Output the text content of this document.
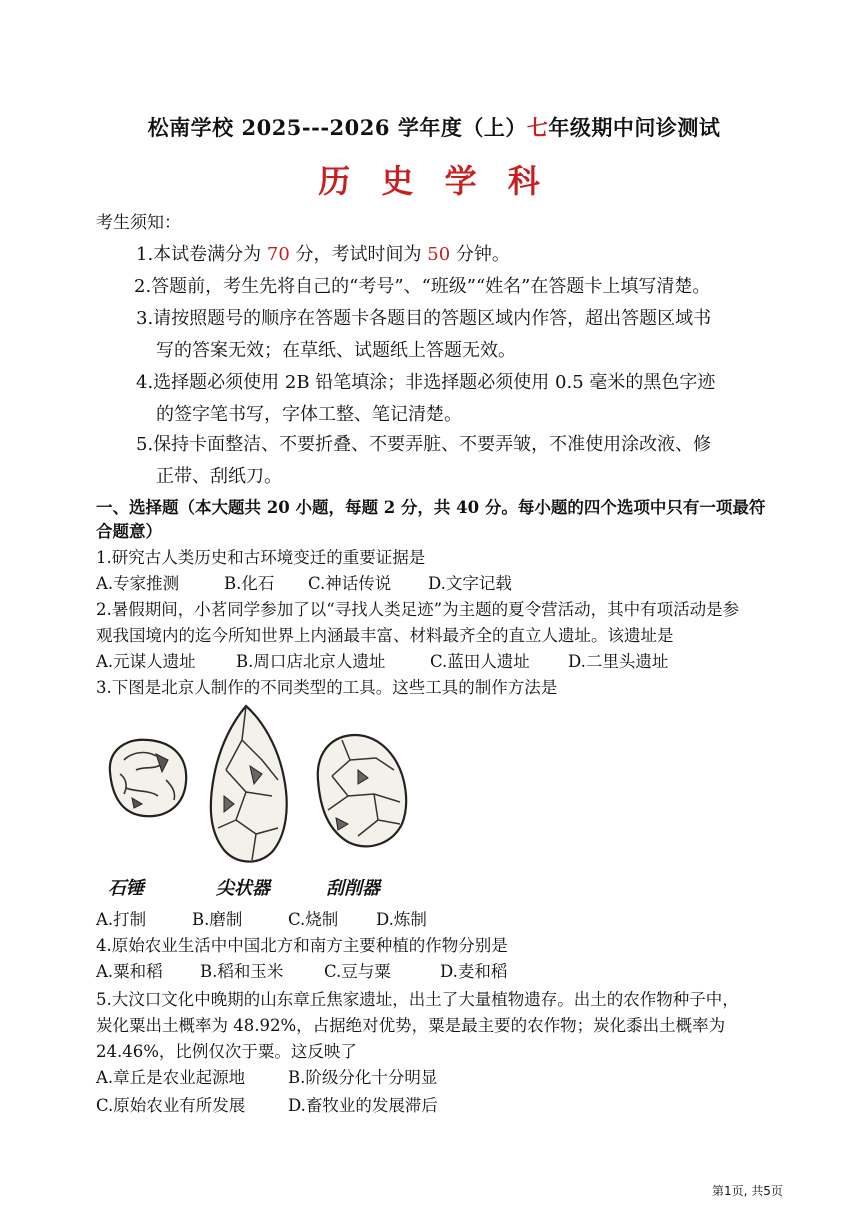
松南学校 2025---2026 学年度（上）七年级期中问诊测试
历 史 学 科
考生须知：
1.本试卷满分为 70 分，考试时间为 50 分钟。
2.答题前，考生先将自己的“考号”、“班级”“姓名”在答题卡上填写清楚。
3.请按照题号的顺序在答题卡各题目的答题区域内作答，超出答题区域书
写的答案无效；在草纸、试题纸上答题无效。
4.选择题必须使用 2B 铅笔填涂；非选择题必须使用 0.5 毫米的黑色字迹
的签字笔书写，字体工整、笔记清楚。
5.保持卡面整洁、不要折叠、不要弄脏、不要弄皱，不准使用涂改液、修
正带、刮纸刀。
一、选择题（本大题共 20 小题，每题 2 分，共 40 分。每小题的四个选项中只有一项最符
合题意）
1.研究古人类历史和古环境变迁的重要证据是
A.专家推测	B.化石 C.神话传说 D.文字记载
2.暑假期间，小茗同学参加了以“寻找人类足迹”为主题的夏令营活动，其中有项活动是参
观我国境内的迄今所知世界上内涵最丰富、材料最齐全的直立人遗址。该遗址是
A.元谋人遗址 B.周口店北京人遗址	C.蓝田人遗址 D.二里头遗址
3.下图是北京人制作的不同类型的工具。这些工具的制作方法是
石锤	尖状器	刮削器
A.打制	B.磨制	C.烧制 D.炼制
4.原始农业生活中中国北方和南方主要种植的作物分别是
A.粟和稻 B.稻和玉米 C.豆与粟	D.麦和稻
5.大汶口文化中晚期的山东章丘焦家遗址，出土了大量植物遗存。出土的农作物种子中，
炭化粟出土概率为 48.92%，占据绝对优势，粟是最主要的农作物；炭化黍出土概率为
24.46%，比例仅次于粟。这反映了
A.章丘是农业起源地	B.阶级分化十分明显
C.原始农业有所发展	D.畜牧业的发展滞后
第1页, 共5页
